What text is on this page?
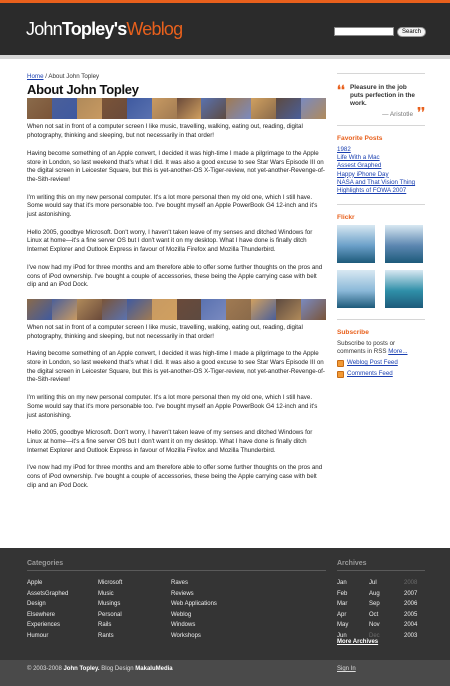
JohnTopley'sWeblog	Search
Home / About John Topley
About John Topley

When not sat in front of a computer screen I like music, travelling, walking, eating out, reading, digital photography, thinking and sleeping, but not necessarily in that order!

Having become something of an Apple convert, I decided it was high-time I made a pilgrimage to the Apple store in London, so last weekend that's what I did. It was also a good excuse to see Star Wars Episode III on the digital screen in Leicester Square, but this is yet-another-OS X-Tiger-review, not yet-another-Revenge-of-the-Sith-review!

I'm writing this on my new personal computer. It's a lot more personal then my old one, which I still have. Some would say that it's more personable too. I've bought myself an Apple PowerBook G4 12-inch and it's just astonishing.

Hello 2005, goodbye Microsoft. Don't worry, I haven't taken leave of my senses and ditched Windows for Linux at home—it's a fine server OS but I don't want it on my desktop. What I have done is finally ditch Internet Explorer and Outlook Express in favour of Mozilla Firefox and Mozilla Thunderbird.

I've now had my iPod for three months and am therefore able to offer some further thoughts on the pros and cons of iPod ownership. I've bought a couple of accessories, these being the Apple carrying case with belt clip and an iPod Dock.

When not sat in front of a computer screen I like music, travelling, walking, eating out, reading, digital photography, thinking and sleeping, but not necessarily in that order!

Having become something of an Apple convert, I decided it was high-time I made a pilgrimage to the Apple store in London, so last weekend that's what I did. It was also a good excuse to see Star Wars Episode III on the digital screen in Leicester Square, but this is yet-another-OS X-Tiger-review, not yet-another-Revenge-of-the-Sith-review!

I'm writing this on my new personal computer. It's a lot more personal then my old one, which I still have. Some would say that it's more personable too. I've bought myself an Apple PowerBook G4 12-inch and it's just astonishing.

Hello 2005, goodbye Microsoft. Don't worry, I haven't taken leave of my senses and ditched Windows for Linux at home—it's a fine server OS but I don't want it on my desktop. What I have done is finally ditch Internet Explorer and Outlook Express in favour of Mozilla Firefox and Mozilla Thunderbird.

I've now had my iPod for three months and am therefore able to offer some further thoughts on the pros and cons of iPod ownership. I've bought a couple of accessories, these being the Apple carrying case with belt clip and an iPod Dock.

❛❛ Pleasure in the job puts perfection in the work.
— Aristotle ❜❜
Favorite Posts
1982
Life With a Mac
Assest Graphed
Happy iPhone Day
NASA and That Vision Thing
Highlights of FOWA 2007
Flickr
Subscribe
Subscribe to posts or comments in RSS More...
Weblog Post Feed
Comments Feed
Categories
Apple
AssetsGraphed
Design
Elsewhere
Experiences
Humour
Microsoft
Music
Musings
Personal
Rails
Rants
Raves
Reviews
Web Applications
Weblog
Windows
Workshops
Archives
Jan
Feb
Mar
Apr
May
Jun
Jul
Aug
Sep
Oct
Nov
Dec
2008
2007
2006
2005
2004
2003
More Archives
© 2003-2008 John Topley. Blog Design MakaluMedia	Sign In
